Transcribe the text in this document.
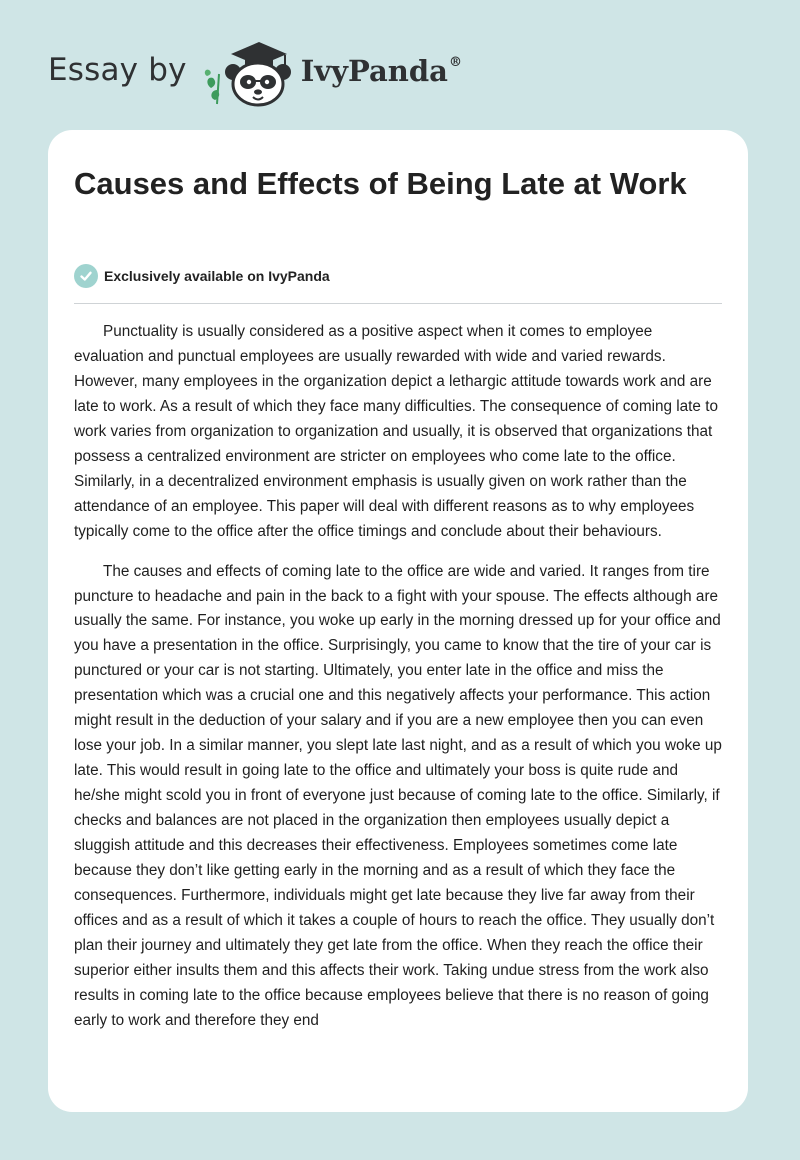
Essay by	IvyPanda®
Causes and Effects of Being Late at Work
Exclusively available on IvyPanda

Punctuality is usually considered as a positive aspect when it comes to employee evaluation and punctual employees are usually rewarded with wide and varied rewards. However, many employees in the organization depict a lethargic attitude towards work and are late to work. As a result of which they face many difficulties. The consequence of coming late to work varies from organization to organization and usually, it is observed that organizations that possess a centralized environment are stricter on employees who come late to the office. Similarly, in a decentralized environment emphasis is usually given on work rather than the attendance of an employee. This paper will deal with different reasons as to why employees typically come to the office after the office timings and conclude about their behaviours.

The causes and effects of coming late to the office are wide and varied. It ranges from tire puncture to headache and pain in the back to a fight with your spouse. The effects although are usually the same. For instance, you woke up early in the morning dressed up for your office and you have a presentation in the office. Surprisingly, you came to know that the tire of your car is punctured or your car is not starting. Ultimately, you enter late in the office and miss the presentation which was a crucial one and this negatively affects your performance. This action might result in the deduction of your salary and if you are a new employee then you can even lose your job. In a similar manner, you slept late last night, and as a result of which you woke up late. This would result in going late to the office and ultimately your boss is quite rude and he/she might scold you in front of everyone just because of coming late to the office. Similarly, if checks and balances are not placed in the organization then employees usually depict a sluggish attitude and this decreases their effectiveness. Employees sometimes come late because they don’t like getting early in the morning and as a result of which they face the consequences. Furthermore, individuals might get late because they live far away from their offices and as a result of which it takes a couple of hours to reach the office. They usually don’t plan their journey and ultimately they get late from the office. When they reach the office their superior either insults them and this affects their work. Taking undue stress from the work also results in coming late to the office because employees believe that there is no reason of going early to work and therefore they end
